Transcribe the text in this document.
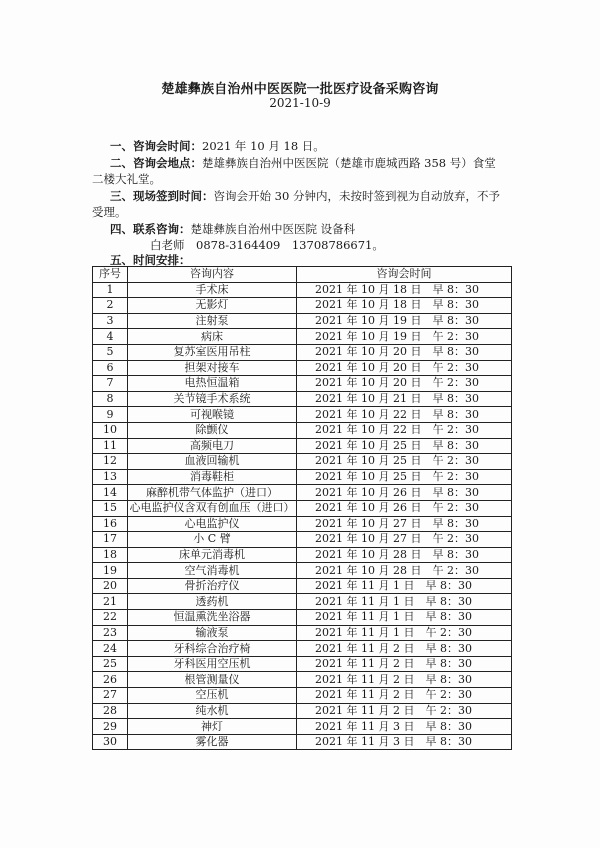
楚雄彝族自治州中医医院一批医疗设备采购咨询
2021-10-9
一、咨询会时间：2021 年 10 月 18 日。
二、咨询会地点：楚雄彝族自治州中医医院（楚雄市鹿城西路 358 号）食堂
二楼大礼堂。
三、现场签到时间：咨询会开始 30 分钟内，未按时签到视为自动放弃，不予
受理。
四、联系咨询：楚雄彝族自治州中医医院 设备科
白老师　0878-3164409　13708786671。
五、时间安排：
序号	咨询内容	咨询会时间
1	手术床	2021 年 10 月 18 日　早 8：30
2	无影灯	2021 年 10 月 18 日　早 8：30
3	注射泵	2021 年 10 月 19 日　早 8：30
4	病床	2021 年 10 月 19 日　午 2：30
5	复苏室医用吊柱	2021 年 10 月 20 日　早 8：30
6	担架对接车	2021 年 10 月 20 日　午 2：30
7	电热恒温箱	2021 年 10 月 20 日　午 2：30
8	关节镜手术系统	2021 年 10 月 21 日　早 8：30
9	可视喉镜	2021 年 10 月 22 日　早 8：30
10	除颤仪	2021 年 10 月 22 日　午 2：30
11	高频电刀	2021 年 10 月 25 日　早 8：30
12	血液回输机	2021 年 10 月 25 日　午 2：30
13	消毒鞋柜	2021 年 10 月 25 日　午 2：30
14	麻醉机带气体监护（进口）	2021 年 10 月 26 日　早 8：30
15	心电监护仪含双有创血压（进口）	2021 年 10 月 26 日　午 2：30
16	心电监护仪	2021 年 10 月 27 日　早 8：30
17	小 C 臂	2021 年 10 月 27 日　午 2：30
18	床单元消毒机	2021 年 10 月 28 日　早 8：30
19	空气消毒机	2021 年 10 月 28 日　午 2：30
20	骨折治疗仪	2021 年 11 月 1 日　早 8：30
21	透药机	2021 年 11 月 1 日　早 8：30
22	恒温熏洗坐浴器	2021 年 11 月 1 日　早 8：30
23	输液泵	2021 年 11 月 1 日　午 2：30
24	牙科综合治疗椅	2021 年 11 月 2 日　早 8：30
25	牙科医用空压机	2021 年 11 月 2 日　早 8：30
26	根管测量仪	2021 年 11 月 2 日　早 8：30
27	空压机	2021 年 11 月 2 日　午 2：30
28	纯水机	2021 年 11 月 2 日　午 2：30
29	神灯	2021 年 11 月 3 日　早 8：30
30	雾化器	2021 年 11 月 3 日　早 8：30
